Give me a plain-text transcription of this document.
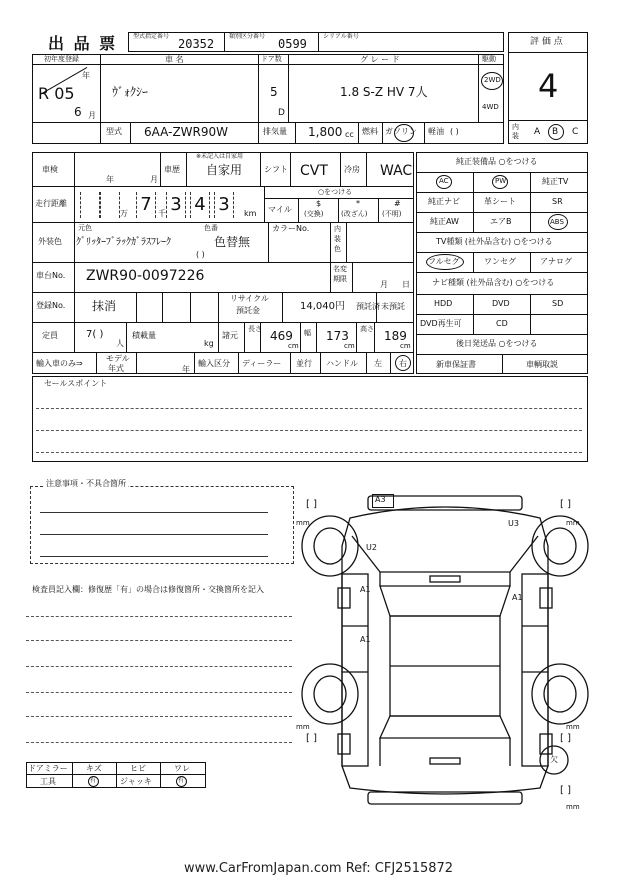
出 品 票	型式指定番号
20352
類別区分番号
0599
シリアル番号
評 価 点
4
内
装 A B C
初年度登録
R 05
年
6 月
車 名
ｳﾞｫｸｼｰ
ドア数
5
D
グ レ ー ド
1.8 S-Z HV 7人
駆動
2WD
4WD
型式 6AA-ZWR90W	排気量 1,800 cc 燃料 ガソリン 軽油 ( )
車検
年	月
車歴
※未記入は自家用
自家用	シフト CVT 冷房 WAC
走行距離	7 3 4 3
万	千	km
○をつける
マイル
$
(交換)
*
(改ざん)
#
(不明)
外装色
元色	色番
ｸﾞﾘｯﾀｰﾌﾞﾗｯｸｶﾞﾗｽﾌﾚｰｸ	色替無
( )
カラーNo.	内
装
色
車台No. ZWR90-0097226	名変
期限
月 日
登録No. 抹消
リサイクル
預託金	14,040円 預託済 未預託
定員	7( )
人
積載量
kg
諸元
長さ 469
cm
幅 173
cm
高さ 189
cm
輸入車のみ⇒
モデル
年式	年
輸入区分 ディーラー 並行 ハンドル 左 右
純正装備品 ○をつける
AC	PW	純正TV
純正ナビ	革シート	SR
純正AW	エアB	ABS
TV種類 (社外品含む) ○をつける
フルセグ	ワンセグ	アナログ
ナビ種類 (社外品含む) ○をつける
HDD	DVD	SD
DVD再生可	CD
後日発送品 ○をつける
新車保証書	車輌取説
セールスポイント
注意事項・不具合箇所
検査員記入欄：修復歴「有」の場合は修復箇所・交換箇所を記入
ドアミラー キズ	ヒビ	ワレ
工具	有	ジャッキ	有
A3
U2
U3
A1
A1
A1
欠
[ ]
mm
[ ]
mm
[ ]
mm
[ ]
mm
[ ]
mm
www.CarFromJapan.com Ref: CFJ2515872
